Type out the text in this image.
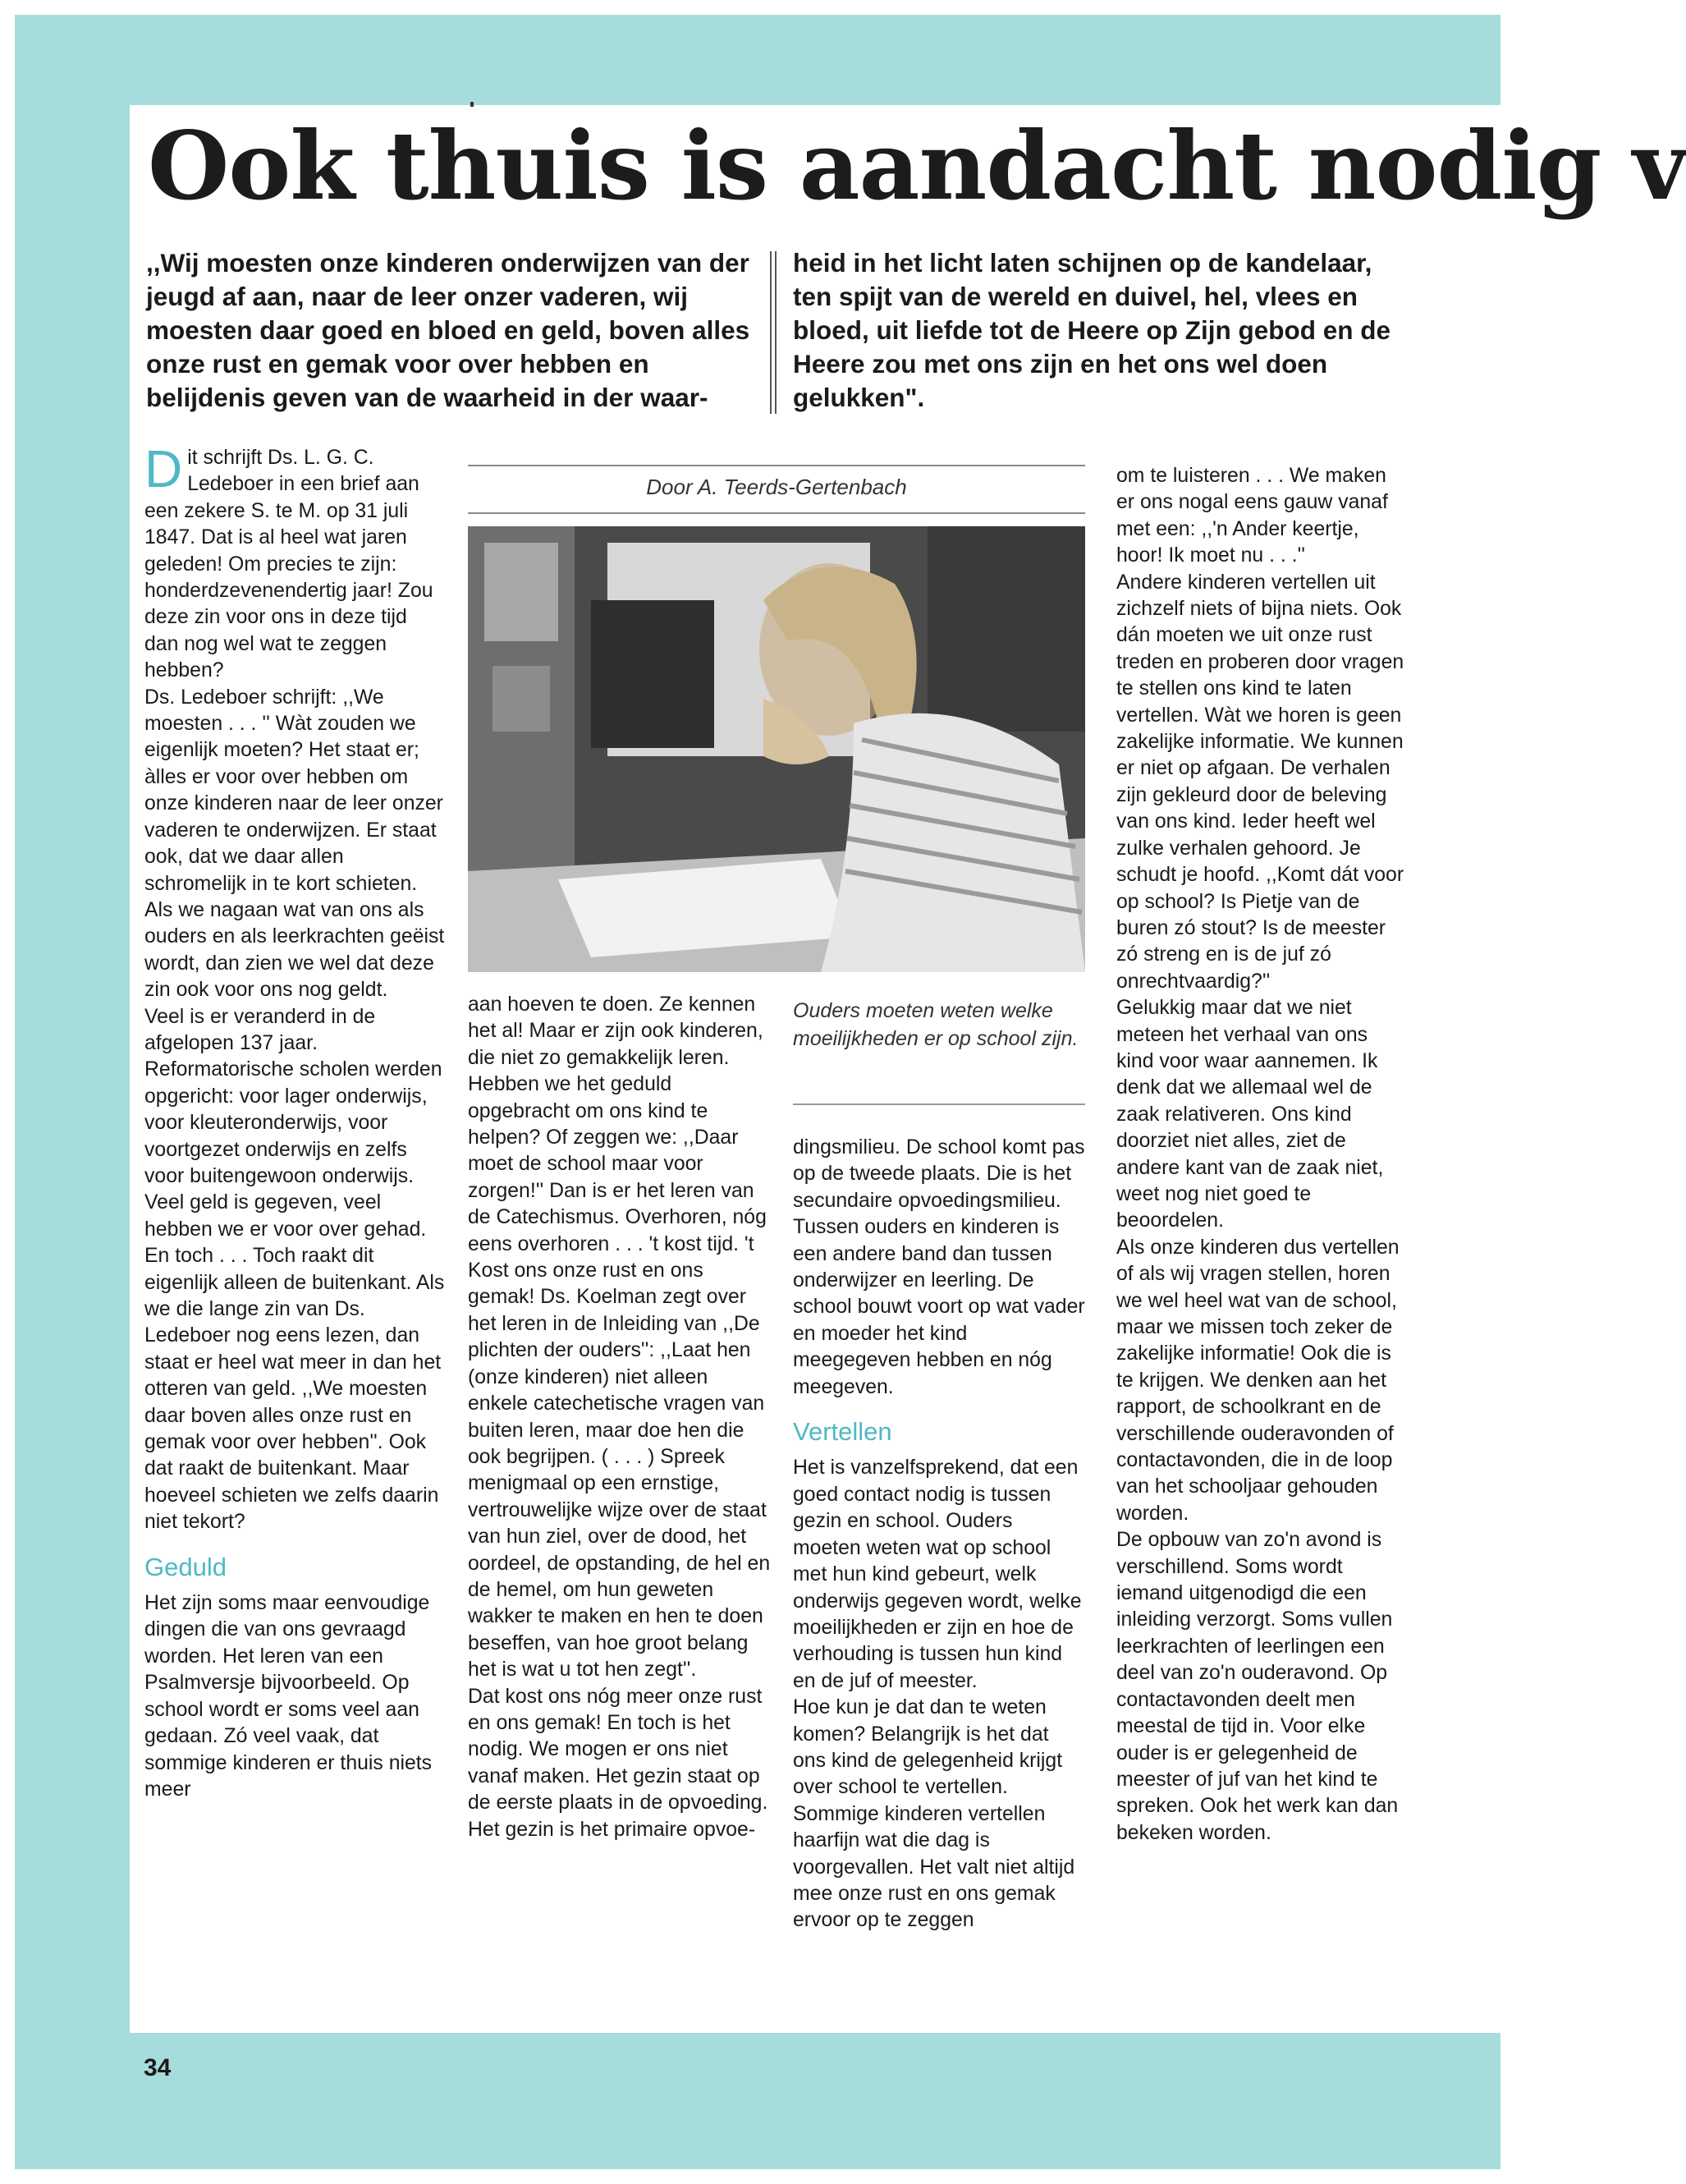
Ook thuis is aandacht nodig v
,,Wij moesten onze kinderen onderwijzen van der jeugd af aan, naar de leer onzer vaderen, wij moesten daar goed en bloed en geld, boven alles onze rust en gemak voor over hebben en belijdenis geven van de waarheid in der waar-
heid in het licht laten schijnen op de kandelaar, ten spijt van de wereld en duivel, hel, vlees en bloed, uit liefde tot de Heere op Zijn gebod en de Heere zou met ons zijn en het ons wel doen gelukken".

Dit schrijft Ds. L. G. C. Ledeboer in een brief aan een zekere S. te M. op 31 juli 1847. Dat is al heel wat jaren geleden! Om precies te zijn: honderdzevenendertig jaar! Zou deze zin voor ons in deze tijd dan nog wel wat te zeggen hebben?

Ds. Ledeboer schrijft: ,,We moesten . . . '' Wàt zouden we eigenlijk moeten? Het staat er; àlles er voor over hebben om onze kinderen naar de leer onzer vaderen te onderwijzen. Er staat ook, dat we daar allen schromelijk in te kort schieten. Als we nagaan wat van ons als ouders en als leerkrachten geëist wordt, dan zien we wel dat deze zin ook voor ons nog geldt.

Veel is er veranderd in de afgelopen 137 jaar. Reformatorische scholen werden opgericht: voor lager onderwijs, voor kleuteronderwijs, voor voortgezet onderwijs en zelfs voor buitengewoon onderwijs. Veel geld is gegeven, veel hebben we er voor over gehad.

En toch . . . Toch raakt dit eigenlijk alleen de buitenkant. Als we die lange zin van Ds. Ledeboer nog eens lezen, dan staat er heel wat meer in dan het otteren van geld. ,,We moesten daar boven alles onze rust en gemak voor over hebben''. Ook dat raakt de buitenkant. Maar hoeveel schieten we zelfs daarin niet tekort?

Geduld

Het zijn soms maar eenvoudige dingen die van ons gevraagd worden. Het leren van een Psalmversje bijvoorbeeld. Op school wordt er soms veel aan gedaan. Zó veel vaak, dat sommige kinderen er thuis niets meer

Door A. Teerds-Gertenbach

aan hoeven te doen. Ze kennen het al! Maar er zijn ook kinderen, die niet zo gemakkelijk leren. Hebben we het geduld opgebracht om ons kind te helpen? Of zeggen we: ,,Daar moet de school maar voor zorgen!'' Dan is er het leren van de Catechismus. Overhoren, nóg eens overhoren . . . 't kost tijd. 't Kost ons onze rust en ons gemak! Ds. Koelman zegt over het leren in de Inleiding van ,,De plichten der ouders'': ,,Laat hen (onze kinderen) niet alleen enkele catechetische vragen van buiten leren, maar doe hen die ook begrijpen. ( . . . ) Spreek menigmaal op een ernstige, vertrouwelijke wijze over de staat van hun ziel, over de dood, het oordeel, de opstanding, de hel en de hemel, om hun geweten wakker te maken en hen te doen beseffen, van hoe groot belang het is wat u tot hen zegt''.

Dat kost ons nóg meer onze rust en ons gemak! En toch is het nodig. We mogen er ons niet vanaf maken. Het gezin staat op de eerste plaats in de opvoeding. Het gezin is het primaire opvoe-

Ouders moeten weten welke moeilijkheden er op school zijn.

dingsmilieu. De school komt pas op de tweede plaats. Die is het secundaire opvoedingsmilieu. Tussen ouders en kinderen is een andere band dan tussen onderwijzer en leerling. De school bouwt voort op wat vader en moeder het kind meegegeven hebben en nóg meegeven.

Vertellen

Het is vanzelfsprekend, dat een goed contact nodig is tussen gezin en school. Ouders moeten weten wat op school met hun kind gebeurt, welk onderwijs gegeven wordt, welke moeilijkheden er zijn en hoe de verhouding is tussen hun kind en de juf of meester.

Hoe kun je dat dan te weten komen? Belangrijk is het dat ons kind de gelegenheid krijgt over school te vertellen. Sommige kinderen vertellen haarfijn wat die dag is voorgevallen. Het valt niet altijd mee onze rust en ons gemak ervoor op te zeggen

om te luisteren . . . We maken er ons nogal eens gauw vanaf met een: ,,'n Ander keertje, hoor! Ik moet nu . . .''

Andere kinderen vertellen uit zichzelf niets of bijna niets. Ook dán moeten we uit onze rust treden en proberen door vragen te stellen ons kind te laten vertellen. Wàt we horen is geen zakelijke informatie. We kunnen er niet op afgaan. De verhalen zijn gekleurd door de beleving van ons kind. Ieder heeft wel zulke verhalen gehoord. Je schudt je hoofd. ,,Komt dát voor op school? Is Pietje van de buren zó stout? Is de meester zó streng en is de juf zó onrechtvaardig?''

Gelukkig maar dat we niet meteen het verhaal van ons kind voor waar aannemen. Ik denk dat we allemaal wel de zaak relativeren. Ons kind doorziet niet alles, ziet de andere kant van de zaak niet, weet nog niet goed te beoordelen.

Als onze kinderen dus vertellen of als wij vragen stellen, horen we wel heel wat van de school, maar we missen toch zeker de zakelijke informatie! Ook die is te krijgen. We denken aan het rapport, de schoolkrant en de verschillende ouderavonden of contactavonden, die in de loop van het schooljaar gehouden worden.

De opbouw van zo'n avond is verschillend. Soms wordt iemand uitgenodigd die een inleiding verzorgt. Soms vullen leerkrachten of leerlingen een deel van zo'n ouderavond. Op contactavonden deelt men meestal de tijd in. Voor elke ouder is er gelegenheid de meester of juf van het kind te spreken. Ook het werk kan dan bekeken worden.

34
